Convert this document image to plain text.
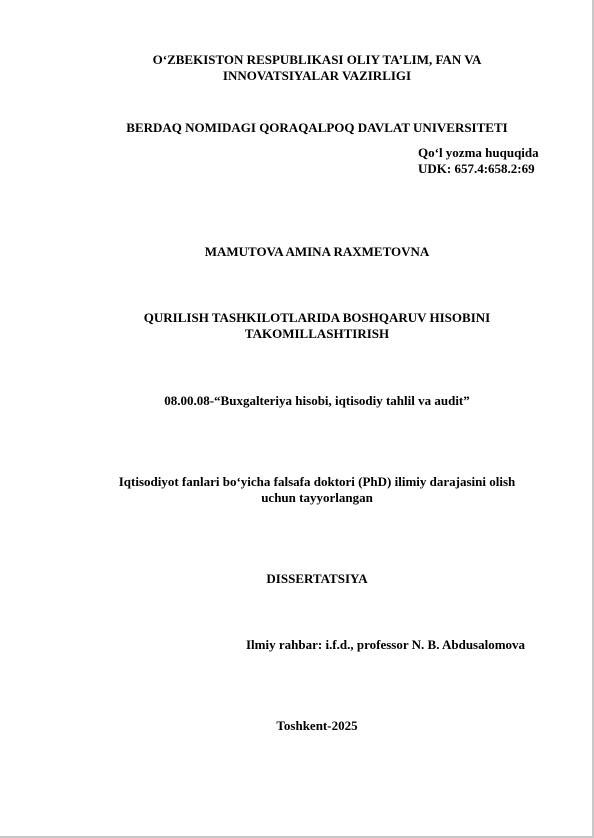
O‘ZBEKISTON RESPUBLIKASI OLIY TA’LIM, FAN VA
INNOVATSIYALAR VAZIRLIGI
BERDAQ NOMIDAGI QORAQALPOQ DAVLAT UNIVERSITETI
Qo‘l yozma huquqida
UDK: 657.4:658.2:69
MAMUTOVA AMINA RAXMETOVNA
QURILISH TASHKILOTLARIDA BOSHQARUV HISOBINI
TAKOMILLASHTIRISH
08.00.08-“Buxgalteriya hisobi, iqtisodiy tahlil va audit”
Iqtisodiyot fanlari bo‘yicha falsafa doktori (PhD) ilimiy darajasini olish
uchun tayyorlangan
DISSERTATSIYA
Ilmiy rahbar: i.f.d., professor N. B. Abdusalomova
Toshkent-2025
